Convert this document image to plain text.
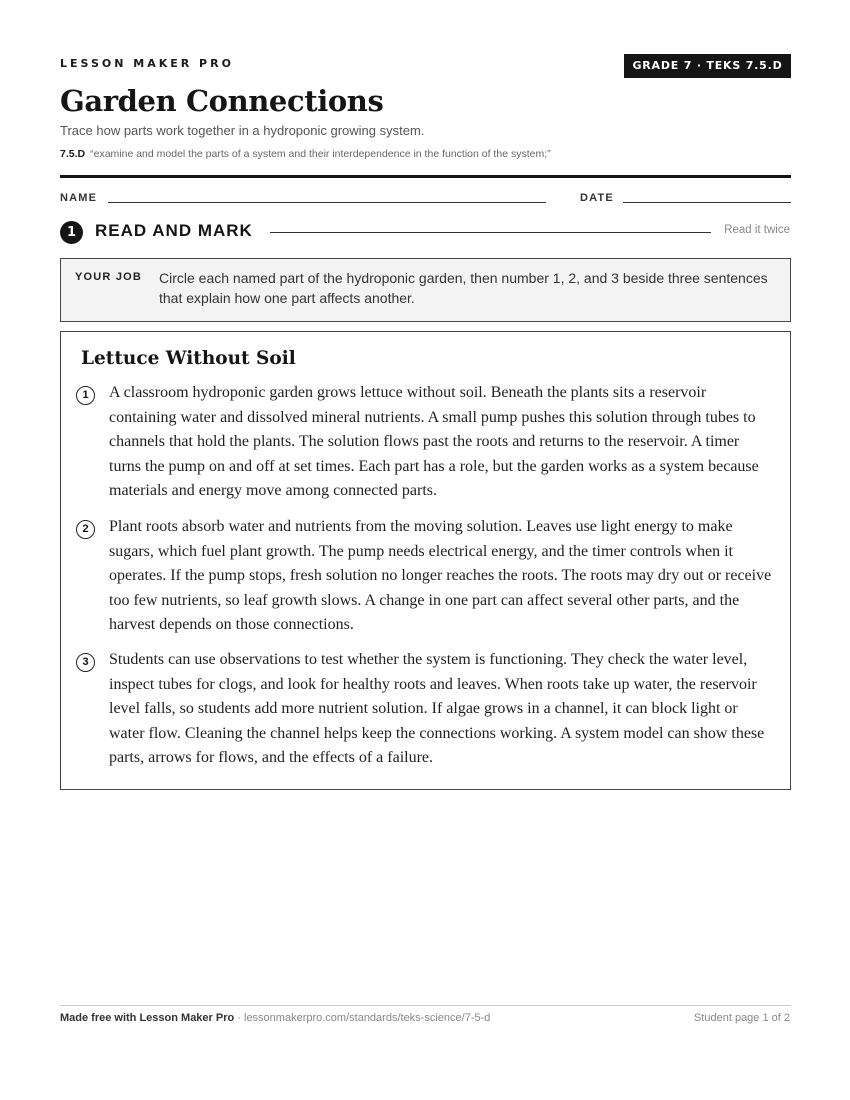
LESSON MAKER PRO	GRADE 7 · TEKS 7.5.D
Garden Connections
Trace how parts work together in a hydroponic growing system.
7.5.D “examine and model the parts of a system and their interdependence in the function of the system;”
NAME	DATE
1	READ AND MARK	Read it twice
YOUR JOB Circle each named part of the hydroponic garden, then number 1, 2, and 3 beside three sentences that explain how one part affects another.
Lettuce Without Soil
1	A classroom hydroponic garden grows lettuce without soil. Beneath the plants sits a reservoir containing water and dissolved mineral nutrients. A small pump pushes this solution through tubes to channels that hold the plants. The solution flows past the roots and returns to the reservoir. A timer turns the pump on and off at set times. Each part has a role, but the garden works as a system because materials and energy move among connected parts.
2	Plant roots absorb water and nutrients from the moving solution. Leaves use light energy to make sugars, which fuel plant growth. The pump needs electrical energy, and the timer controls when it operates. If the pump stops, fresh solution no longer reaches the roots. The roots may dry out or receive too few nutrients, so leaf growth slows. A change in one part can affect several other parts, and the harvest depends on those connections.
3	Students can use observations to test whether the system is functioning. They check the water level, inspect tubes for clogs, and look for healthy roots and leaves. When roots take up water, the reservoir level falls, so students add more nutrient solution. If algae grows in a channel, it can block light or water flow. Cleaning the channel helps keep the connections working. A system model can show these parts, arrows for flows, and the effects of a failure.
Made free with Lesson Maker Pro · lessonmakerpro.com/standards/teks-science/7-5-d	Student page 1 of 2
